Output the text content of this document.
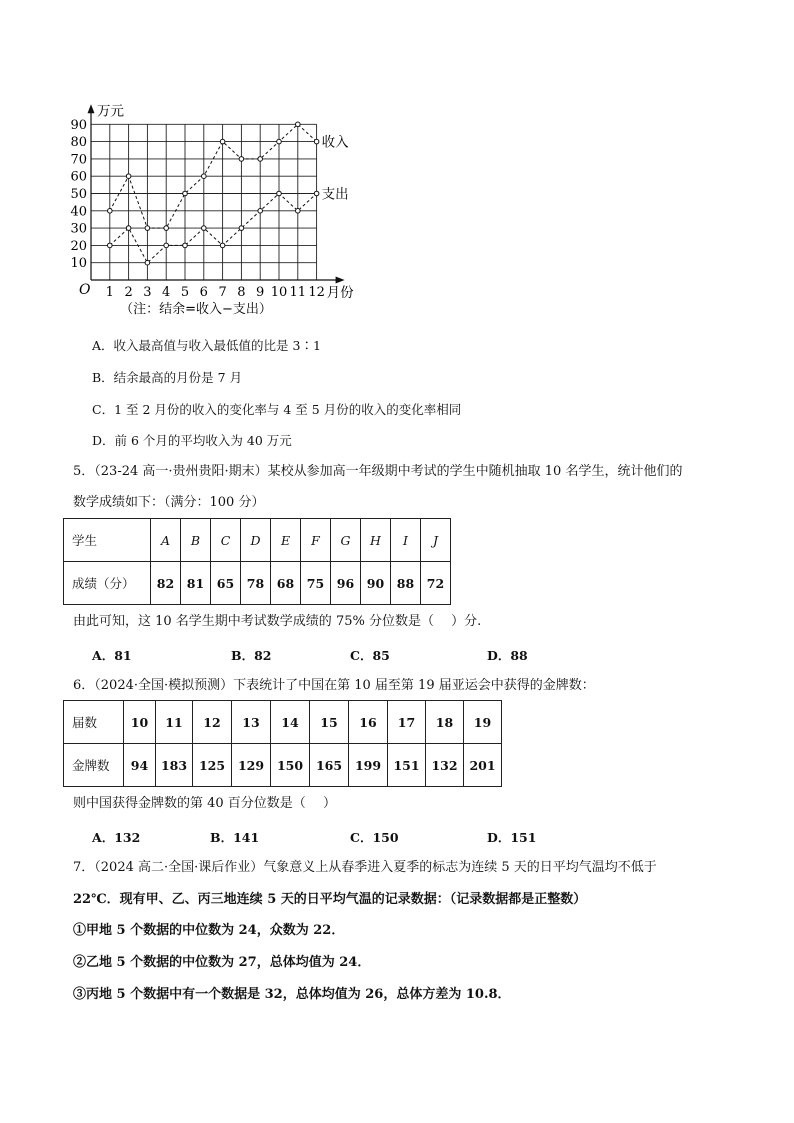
10
20
30
40
50
60
70
80
90
1 2 3 4 5 6 7 8 9 10 11 12
收入
支出
万元
月份
O
（注：结余=收入−支出）
A．收入最高值与收入最低值的比是 3∶1
B．结余最高的月份是 7 月
C．1 至 2 月份的收入的变化率与 4 至 5 月份的收入的变化率相同
D．前 6 个月的平均收入为 40 万元
5．（23-24 高一·贵州贵阳·期末）某校从参加高一年级期中考试的学生中随机抽取 10 名学生，统计他们的
数学成绩如下：（满分：100 分）
学生	A	B	C	D	E	F	G	H	I	J
成绩（分）	82	81	65	78	68	75	96	90	88	72
由此可知，这 10 名学生期中考试数学成绩的 75% 分位数是（　 ）分.
A．81	B．82	C．85	D．88
6．（2024·全国·模拟预测）下表统计了中国在第 10 届至第 19 届亚运会中获得的金牌数：
届数	10	11	12	13	14	15	16	17	18	19
金牌数	94	183	125	129	150	165	199	151	132	201
则中国获得金牌数的第 40 百分位数是（　 ）
A．132	B．141	C．150	D．151
7．（2024 高二·全国·课后作业）气象意义上从春季进入夏季的标志为连续 5 天的日平均气温均不低于
22℃．现有甲、乙、丙三地连续 5 天的日平均气温的记录数据：（记录数据都是正整数）
①甲地 5 个数据的中位数为 24，众数为 22．
②乙地 5 个数据的中位数为 27，总体均值为 24．
③丙地 5 个数据中有一个数据是 32，总体均值为 26，总体方差为 10.8．
